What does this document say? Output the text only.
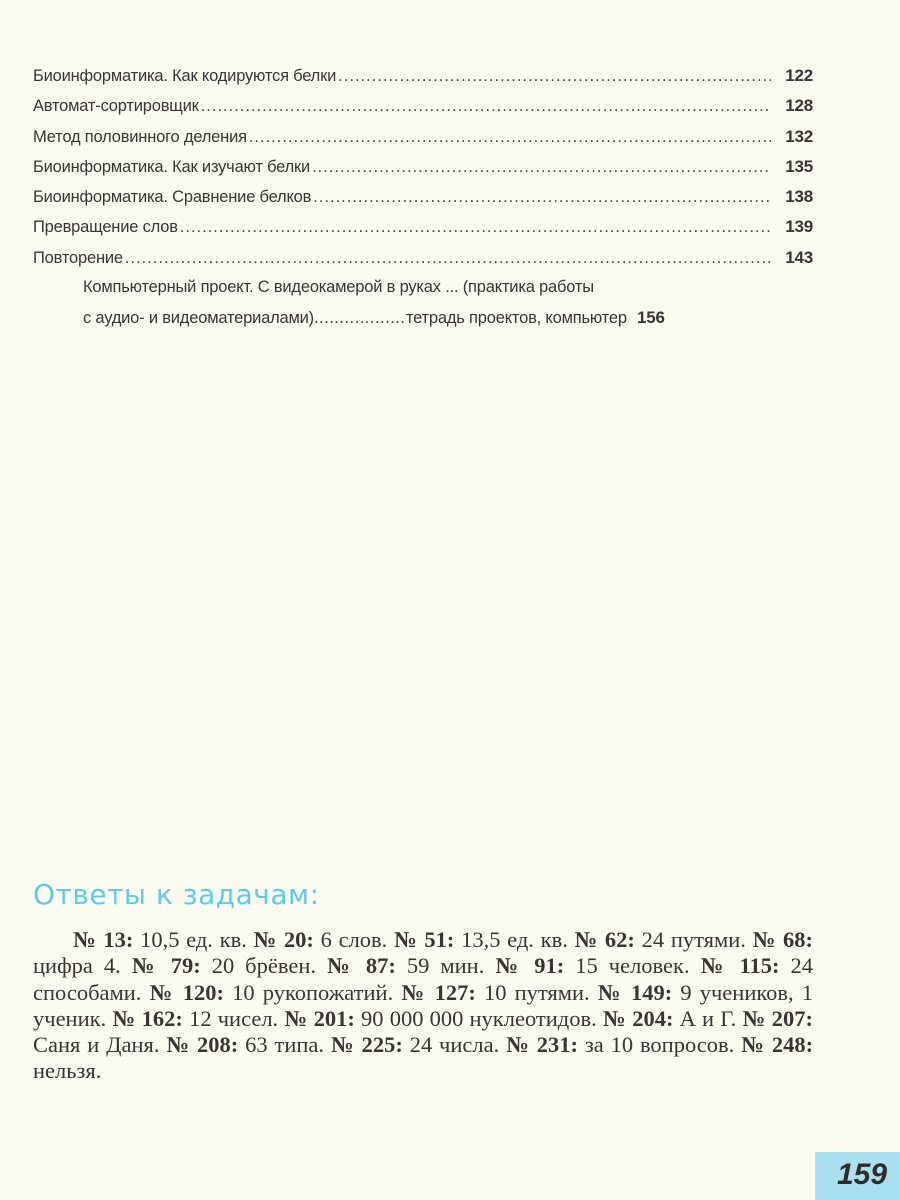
Биоинформатика. Как кодируются белки .....	122
Автомат-сортировщик .....	128
Метод половинного деления .....	132
Биоинформатика. Как изучают белки .....	135
Биоинформатика. Сравнение белков .....	138
Превращение слов .....	139
Повторение .....	143
Компьютерный проект. С видеокамерой в руках ... (практика работы
с аудио- и видеоматериалами) .....	тетрадь проектов, компьютер 156
Ответы к задачам:
№ 13: 10,5 ед. кв. № 20: 6 слов. № 51: 13,5 ед. кв. № 62: 24 путями. № 68: цифра 4. № 79: 20 брёвен. № 87: 59 мин. № 91: 15 человек. № 115: 24 способами. № 120: 10 рукопожатий. № 127: 10 путями. № 149: 9 учеников, 1 ученик. № 162: 12 чисел. № 201: 90 000 000 нуклеотидов. № 204: А и Г. № 207: Саня и Даня. № 208: 63 типа. № 225: 24 числа. № 231: за 10 вопросов. № 248: нельзя.
159
